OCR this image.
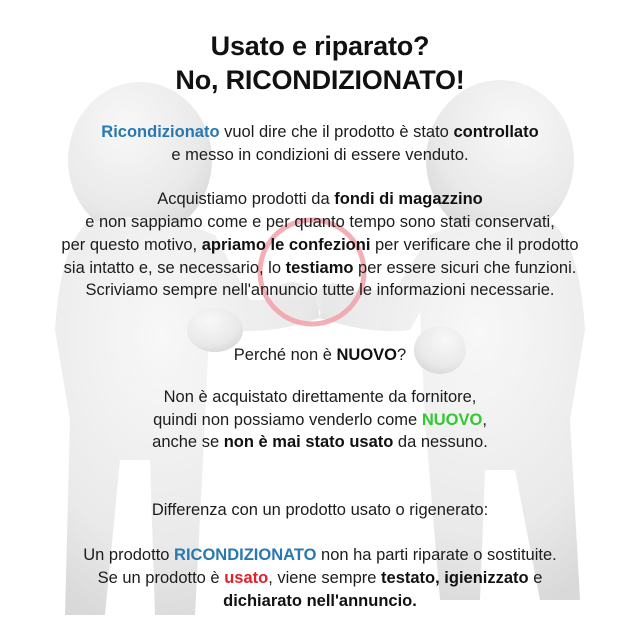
Usato e riparato?
No, RICONDIZIONATO!
Ricondizionato vuol dire che il prodotto è stato controllato
e messo in condizioni di essere venduto.
Acquistiamo prodotti da fondi di magazzino
e non sappiamo come e per quanto tempo sono stati conservati,
per questo motivo, apriamo le confezioni per verificare che il prodotto
sia intatto e, se necessario, lo testiamo per essere sicuri che funzioni.
Scriviamo sempre nell'annuncio tutte le informazioni necessarie.
Perché non è NUOVO?
Non è acquistato direttamente da fornitore,
quindi non possiamo venderlo come NUOVO,
anche se non è mai stato usato da nessuno.
Differenza con un prodotto usato o rigenerato:
Un prodotto RICONDIZIONATO non ha parti riparate o sostituite.
Se un prodotto è usato, viene sempre testato, igienizzato e
dichiarato nell'annuncio.
